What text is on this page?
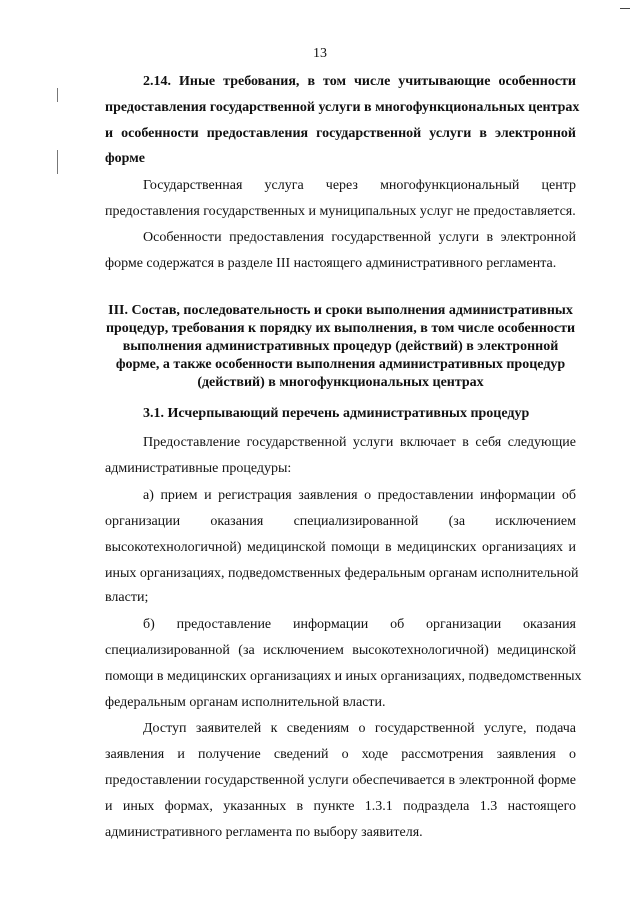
13
2.14. Иные требования, в том числе учитывающие особенности
предоставления государственной услуги в многофункциональных центрах
и особенности предоставления государственной услуги в электронной
форме
Государственная услуга через многофункциональный центр
предоставления государственных и муниципальных услуг не предоставляется.
Особенности предоставления государственной услуги в электронной
форме содержатся в разделе III настоящего административного регламента.
III. Состав, последовательность и сроки выполнения административных
процедур, требования к порядку их выполнения, в том числе особенности
выполнения административных процедур (действий) в электронной
форме, а также особенности выполнения административных процедур
(действий) в многофункциональных центрах
3.1. Исчерпывающий перечень административных процедур
Предоставление государственной услуги включает в себя следующие
административные процедуры:
а) прием и регистрация заявления о предоставлении информации об
организации оказания специализированной (за исключением
высокотехнологичной) медицинской помощи в медицинских организациях и
иных организациях, подведомственных федеральным органам исполнительной
власти;
б) предоставление информации об организации оказания
специализированной (за исключением высокотехнологичной) медицинской
помощи в медицинских организациях и иных организациях, подведомственных
федеральным органам исполнительной власти.
Доступ заявителей к сведениям о государственной услуге, подача
заявления и получение сведений о ходе рассмотрения заявления о
предоставлении государственной услуги обеспечивается в электронной форме
и иных формах, указанных в пункте 1.3.1 подраздела 1.3 настоящего
административного регламента по выбору заявителя.
